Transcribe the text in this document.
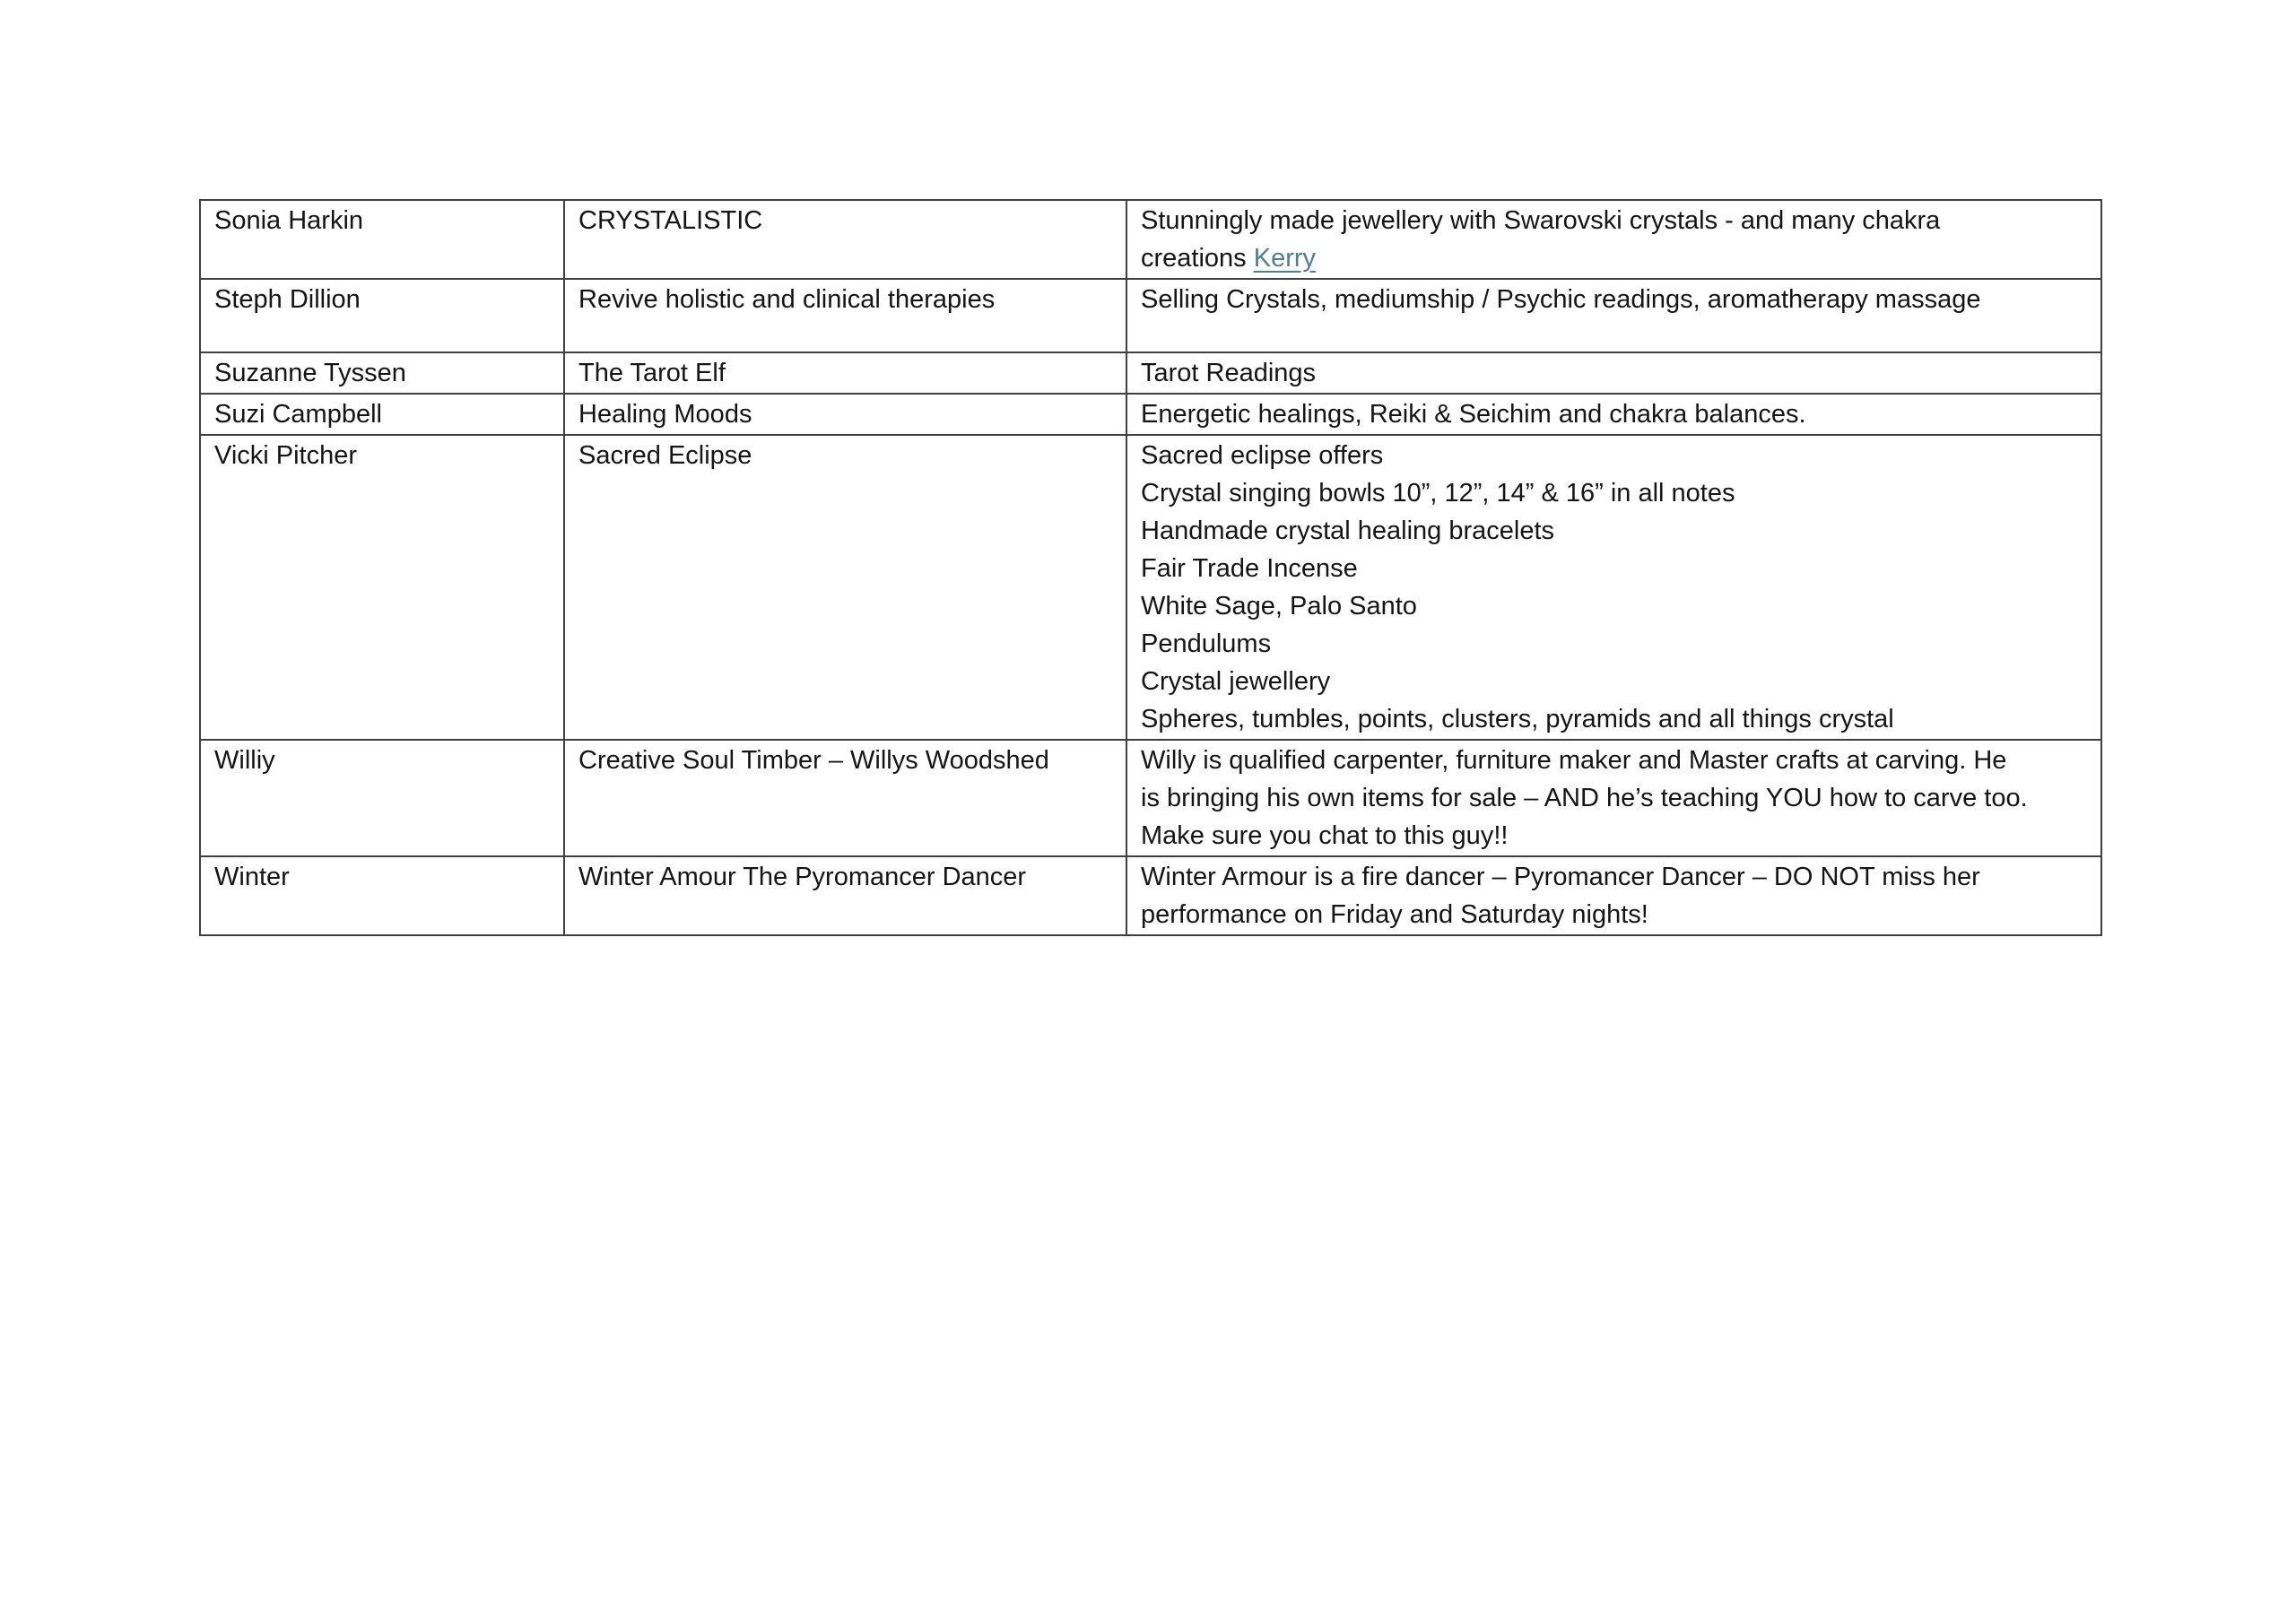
Sonia Harkin	CRYSTALISTIC	Stunningly made jewellery with Swarovski crystals - and many chakra
creations Kerry

Steph Dillion	Revive holistic and clinical therapies	Selling Crystals, mediumship / Psychic readings, aromatherapy massage

Suzanne Tyssen	The Tarot Elf	Tarot Readings

Suzi Campbell	Healing Moods	Energetic healings, Reiki & Seichim and chakra balances.

Vicki Pitcher	Sacred Eclipse	Sacred eclipse offers
Crystal singing bowls 10”, 12”, 14” & 16” in all notes
Handmade crystal healing bracelets
Fair Trade Incense
White Sage, Palo Santo
Pendulums
Crystal jewellery
Spheres, tumbles, points, clusters, pyramids and all things crystal

Williy	Creative Soul Timber – Willys Woodshed	Willy is qualified carpenter, furniture maker and Master crafts at carving. He
is bringing his own items for sale – AND he’s teaching YOU how to carve too.
Make sure you chat to this guy!!

Winter	Winter Amour The Pyromancer Dancer	Winter Armour is a fire dancer – Pyromancer Dancer – DO NOT miss her
performance on Friday and Saturday nights!
